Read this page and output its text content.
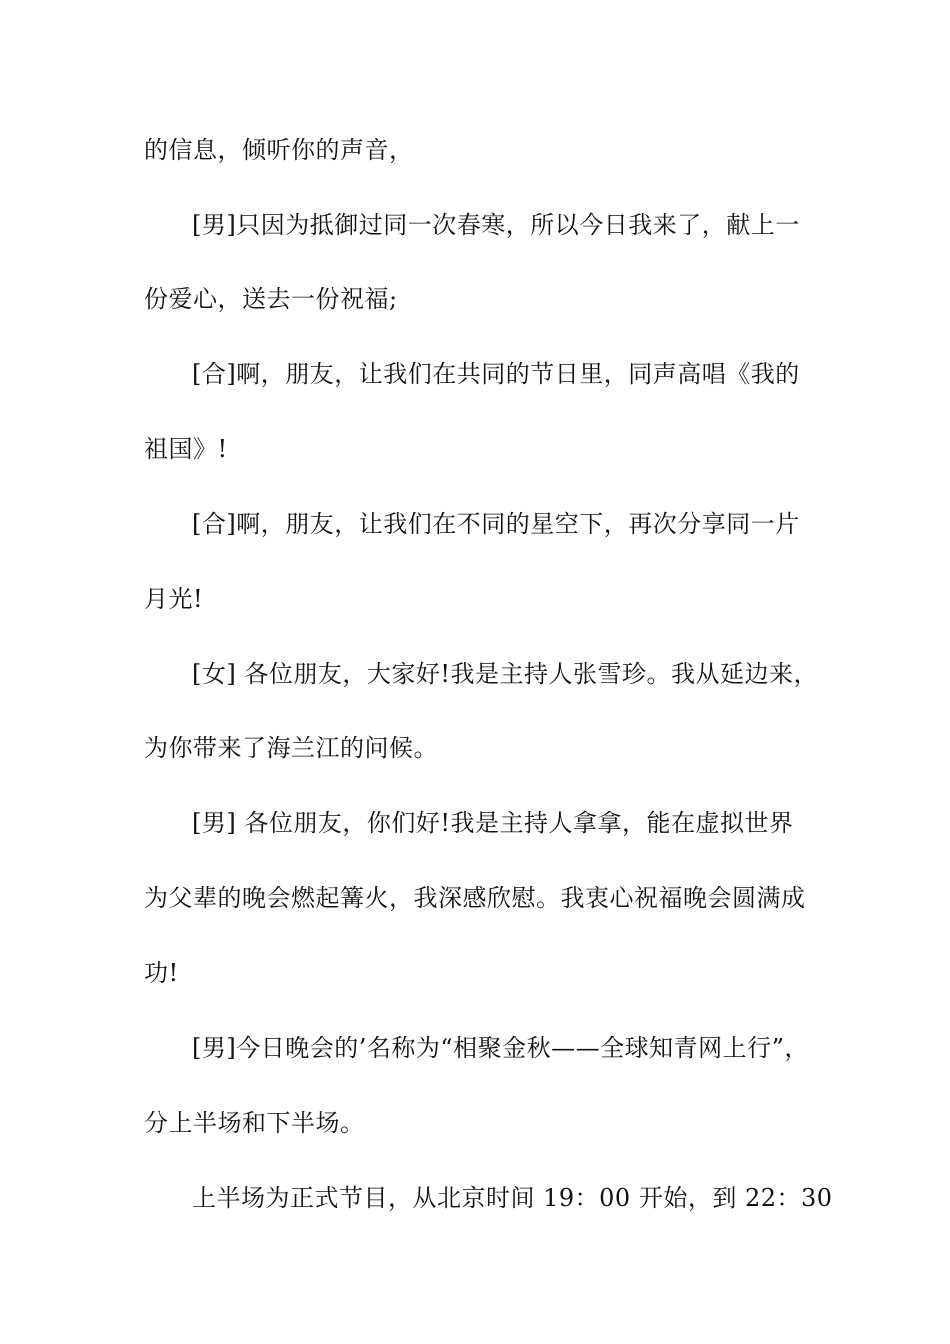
的信息，倾听你的声音，
[男]只因为抵御过同一次春寒，所以今日我来了，献上一
份爱心，送去一份祝福;
[合]啊，朋友，让我们在共同的节日里，同声高唱《我的
祖国》!
[合]啊，朋友，让我们在不同的星空下，再次分享同一片
月光!
[女] 各位朋友，大家好!我是主持人张雪珍。我从延边来，
为你带来了海兰江的问候。
[男] 各位朋友，你们好!我是主持人拿拿，能在虚拟世界
为父辈的晚会燃起篝火，我深感欣慰。我衷心祝福晚会圆满成
功!
[男]今日晚会的’名称为“相聚金秋——全球知青网上行”，
分上半场和下半场。
上半场为正式节目，从北京时间 19：00 开始，到 22：30
